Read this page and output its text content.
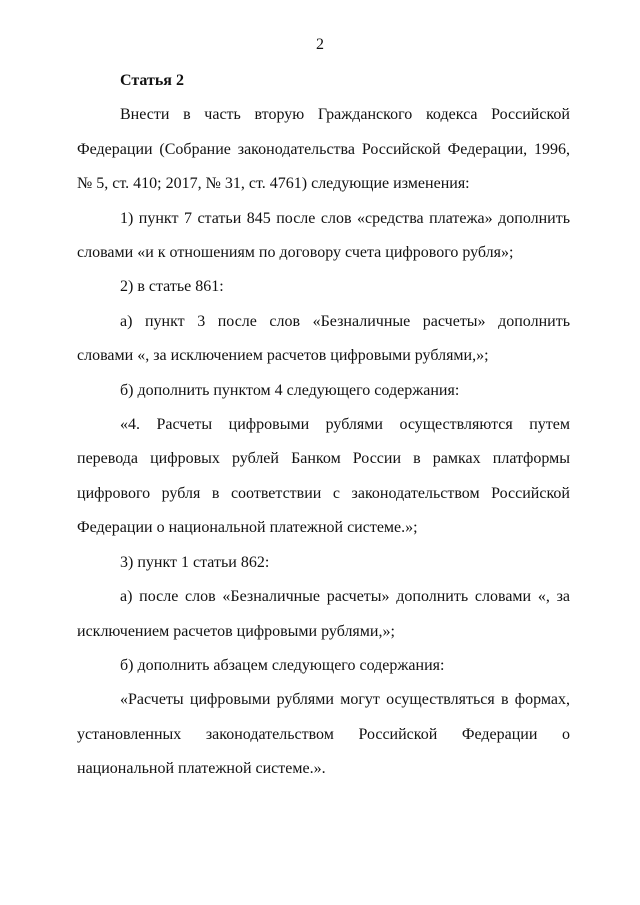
2

Статья 2

Внести в часть вторую Гражданского кодекса Российской Федерации (Собрание законодательства Российской Федерации, 1996, № 5, ст. 410; 2017, № 31, ст. 4761) следующие изменения:

1) пункт 7 статьи 845 после слов «средства платежа» дополнить словами «и к отношениям по договору счета цифрового рубля»;

2) в статье 861:

а) пункт 3 после слов «Безналичные расчеты» дополнить словами «, за исключением расчетов цифровыми рублями,»;

б) дополнить пунктом 4 следующего содержания:

«4. Расчеты цифровыми рублями осуществляются путем перевода цифровых рублей Банком России в рамках платформы цифрового рубля в соответствии с законодательством Российской Федерации о национальной платежной системе.»;

3) пункт 1 статьи 862:

а) после слов «Безналичные расчеты» дополнить словами «, за исключением расчетов цифровыми рублями,»;

б) дополнить абзацем следующего содержания:

«Расчеты цифровыми рублями могут осуществляться в формах, установленных законодательством Российской Федерации о национальной платежной системе.».
